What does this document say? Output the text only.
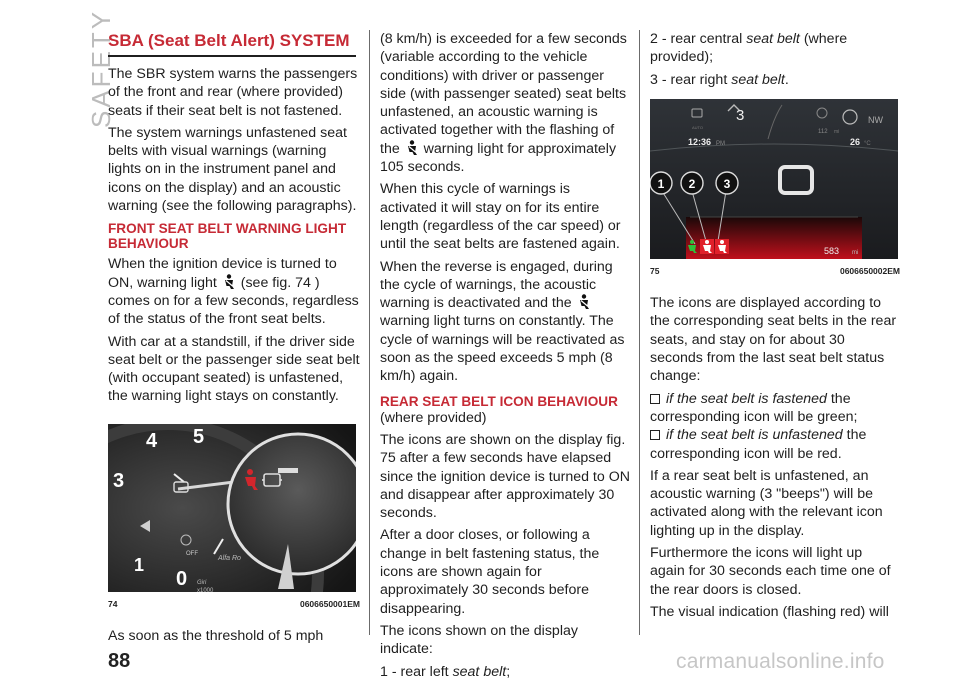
SAFETY
SBA (Seat Belt Alert) SYSTEM

The SBR system warns the passengers of the front and rear (where provided) seats if their seat belt is not fastened.

The system warnings unfastened seat belts with visual warnings (warning lights on in the instrument panel and icons on the display) and an acoustic warning (see the following paragraphs).

FRONT SEAT BELT WARNING LIGHT BEHAVIOUR

When the ignition device is turned to ON, warning light (see fig. 74 ) comes on for a few seconds, regardless of the status of the front seat belts.

With car at a standstill, if the driver side seat belt or the passenger side seat belt (with occupant seated) is unfastened, the warning light stays on constantly.

4 5
3
1
0
OFF
Alfa Ro
Giri
x1000
74	0606650001EM

As soon as the threshold of 5 mph

(8 km/h) is exceeded for a few seconds (variable according to the vehicle conditions) with driver or passenger side (with passenger seated) seat belts unfastened, an acoustic warning is activated together with the flashing of the warning light for approximately 105 seconds.

When this cycle of warnings is activated it will stay on for its entire length (regardless of the car speed) or until the seat belts are fastened again.

When the reverse is engaged, during the cycle of warnings, the acoustic warning is deactivated and the
warning light turns on constantly. The cycle of warnings will be reactivated as soon as the speed exceeds 5 mph (8 km/h) again.

REAR SEAT BELT ICON BEHAVIOUR

(where provided)

The icons are shown on the display fig. 75 after a few seconds have elapsed since the ignition device is turned to ON and disappear after approximately 30 seconds.

After a door closes, or following a change in belt fastening status, the icons are shown again for approximately 30 seconds before disappearing.

The icons shown on the display indicate:

1 - rear left seat belt;

2 - rear central seat belt (where provided);

3 - rear right seat belt.

1 2 3
12:36 PM
AUTO
3	NW
112 mi
26 °C
583 mi
75	0606650002EM

The icons are displayed according to the corresponding seat belts in the rear seats, and stay on for about 30 seconds from the last seat belt status change:

if the seat belt is fastened the corresponding icon will be green;

if the seat belt is unfastened the corresponding icon will be red.

If a rear seat belt is unfastened, an acoustic warning (3 "beeps") will be activated along with the relevant icon lighting up in the display.

Furthermore the icons will light up again for 30 seconds each time one of the rear doors is closed.

The visual indication (flashing red) will

88	carmanualsonline.info
